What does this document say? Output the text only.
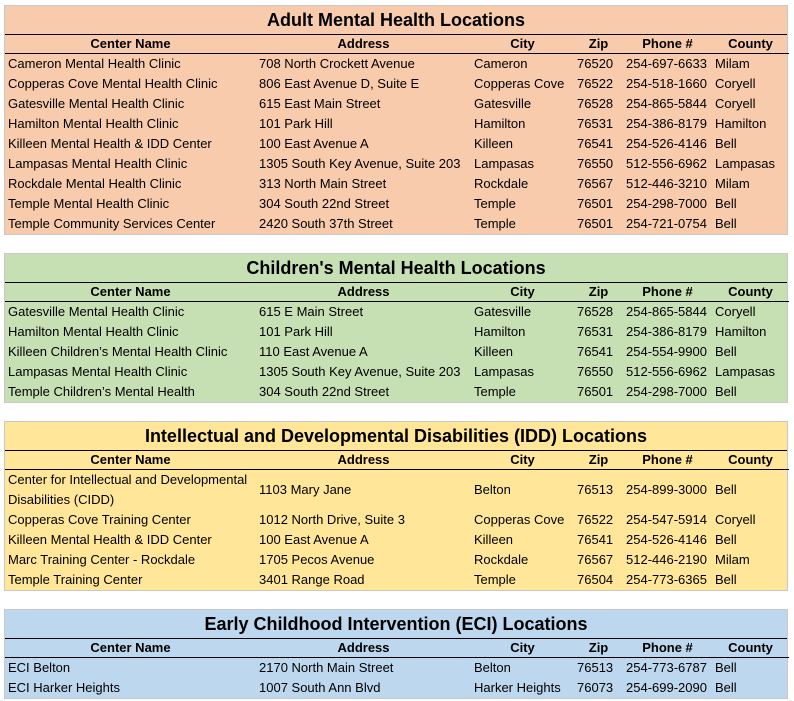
Adult Mental Health Locations
Center Name	Address	City	Zip	Phone #	County
Cameron Mental Health Clinic	708 North Crockett Avenue	Cameron	76520	254-697-6633	Milam
Copperas Cove Mental Health Clinic	806 East Avenue D, Suite E	Copperas Cove	76522	254-518-1660	Coryell
Gatesville Mental Health Clinic	615 East Main Street	Gatesville	76528	254-865-5844	Coryell
Hamilton Mental Health Clinic	101 Park Hill	Hamilton	76531	254-386-8179	Hamilton
Killeen Mental Health & IDD Center	100 East Avenue A	Killeen	76541	254-526-4146	Bell
Lampasas Mental Health Clinic	1305 South Key Avenue, Suite 203	Lampasas	76550	512-556-6962	Lampasas
Rockdale Mental Health Clinic	313 North Main Street	Rockdale	76567	512-446-3210	Milam
Temple Mental Health Clinic	304 South 22nd Street	Temple	76501	254-298-7000	Bell
Temple Community Services Center	2420 South 37th Street	Temple	76501	254-721-0754	Bell
Children's Mental Health Locations
Center Name	Address	City	Zip	Phone #	County
Gatesville Mental Health Clinic	615 E Main Street	Gatesville	76528	254-865-5844	Coryell
Hamilton Mental Health Clinic	101 Park Hill	Hamilton	76531	254-386-8179	Hamilton
Killeen Children’s Mental Health Clinic	110 East Avenue A	Killeen	76541	254-554-9900	Bell
Lampasas Mental Health Clinic	1305 South Key Avenue, Suite 203	Lampasas	76550	512-556-6962	Lampasas
Temple Children’s Mental Health	304 South 22nd Street	Temple	76501	254-298-7000	Bell
Intellectual and Developmental Disabilities (IDD) Locations
Center Name	Address	City	Zip	Phone #	County
Center for Intellectual and Developmental Disabilities (CIDD)	1103 Mary Jane	Belton	76513	254-899-3000	Bell
Copperas Cove Training Center	1012 North Drive, Suite 3	Copperas Cove	76522	254-547-5914	Coryell
Killeen Mental Health & IDD Center	100 East Avenue A	Killeen	76541	254-526-4146	Bell
Marc Training Center - Rockdale	1705 Pecos Avenue	Rockdale	76567	512-446-2190	Milam
Temple Training Center	3401 Range Road	Temple	76504	254-773-6365	Bell
Early Childhood Intervention (ECI) Locations
Center Name	Address	City	Zip	Phone #	County
ECI Belton	2170 North Main Street	Belton	76513	254-773-6787	Bell
ECI Harker Heights	1007 South Ann Blvd	Harker Heights	76073	254-699-2090	Bell
